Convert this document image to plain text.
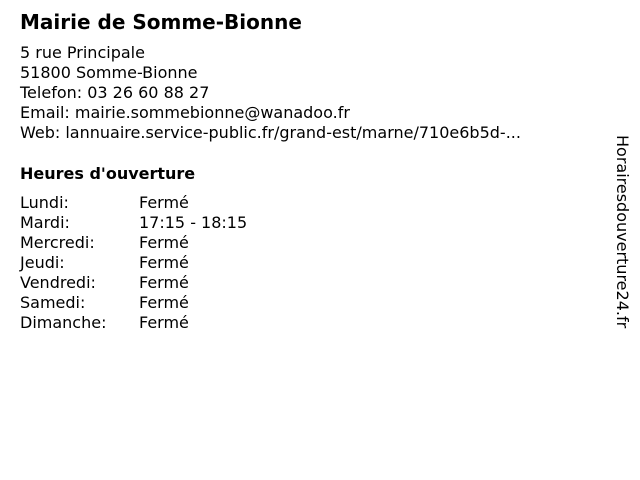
Mairie de Somme-Bionne
5 rue Principale
51800 Somme-Bionne
Telefon: 03 26 60 88 27
Email: mairie.sommebionne@wanadoo.fr
Web: lannuaire.service-public.fr/grand-est/marne/710e6b5d-...
Heures d'ouverture
Lundi:	Fermé
Mardi:	17:15 - 18:15
Mercredi:	Fermé
Jeudi:	Fermé
Vendredi:	Fermé
Samedi:	Fermé
Dimanche:	Fermé	Horairesdouverture24.fr
